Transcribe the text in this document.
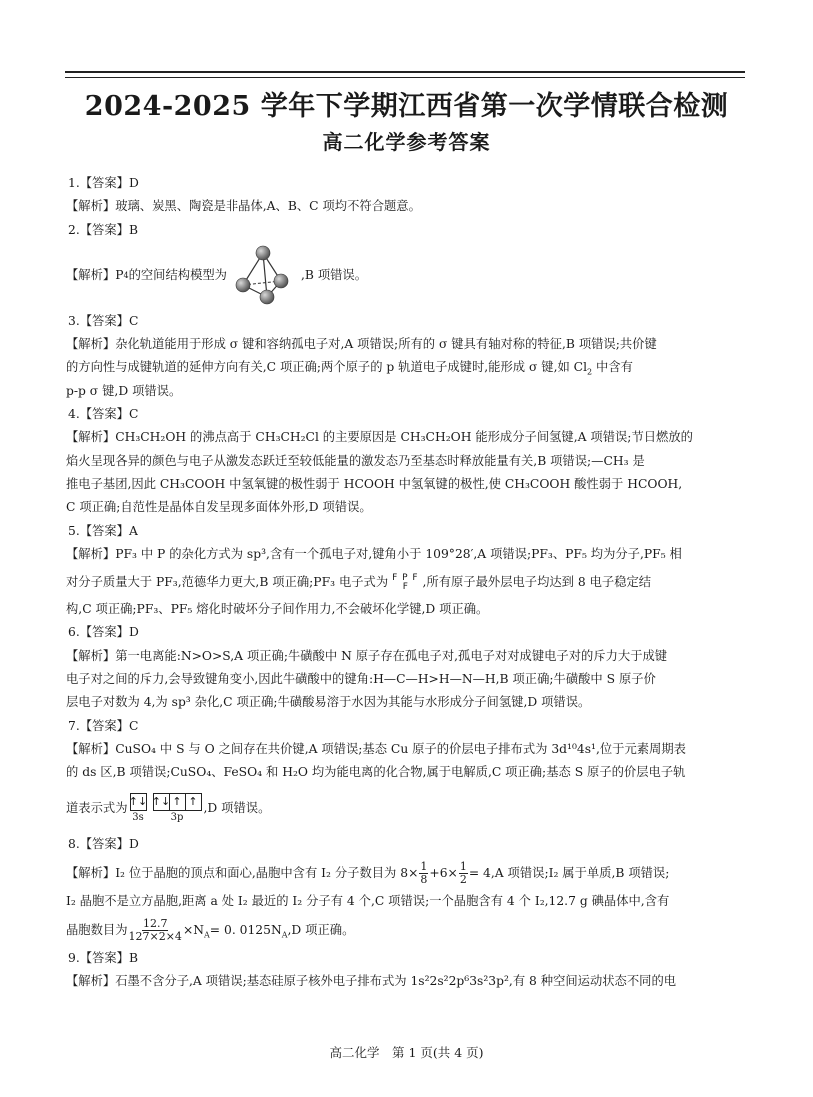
2024-2025 学年下学期江西省第一次学情联合检测
高二化学参考答案
1.【答案】D
【解析】玻璃、炭黑、陶瓷是非晶体,A、B、C 项均不符合题意。
2.【答案】B
【解析】 P 4 的空间结构模型为	,B 项错误。
3.【答案】C
【解析】杂化轨道能用于形成 σ 键和容纳孤电子对,A 项错误;所有的 σ 键具有轴对称的特征,B 项错误;共价键
的方向性与成键轨道的延伸方向有关,C 项正确;两个原子的 p 轨道电子成键时,能形成 σ 键,如 $Cl_2$ 中含有
p-p σ 键,D 项错误。
4.【答案】C
【解析】CH₃CH₂OH 的沸点高于 CH₃CH₂Cl 的主要原因是 CH₃CH₂OH 能形成分子间氢键,A 项错误;节日燃放的
焰火呈现各异的颜色与电子从激发态跃迁至较低能量的激发态乃至基态时释放能量有关,B 项错误;—CH₃ 是
推电子基团,因此 CH₃COOH 中氢氧键的极性弱于 HCOOH 中氢氧键的极性,使 CH₃COOH 酸性弱于 HCOOH,
C 项正确;自范性是晶体自发呈现多面体外形,D 项错误。
5.【答案】A
【解析】PF₃ 中 P 的杂化方式为 sp³,含有一个孤电子对,键角小于 109°28′,A 项错误;PF₃、PF₅ 均为分子,PF₅ 相
对分子质量大于 PF₃,范德华力更大,B 项正确;PF₃ 电子式为 F P F
F	,所有原子最外层电子均达到 8 电子稳定结
构,C 项正确;PF₃、PF₅ 熔化时破坏分子间作用力,不会破坏化学键,D 项正确。
6.【答案】D
【解析】第一电离能:N>O>S,A 项正确;牛磺酸中 N 原子存在孤电子对,孤电子对对成键电子对的斥力大于成键
电子对之间的斥力,会导致键角变小,因此牛磺酸中的键角:H—C—H>H—N—H,B 项正确;牛磺酸中 S 原子价
层电子对数为 4,为 sp³ 杂化,C 项正确;牛磺酸易溶于水因为其能与水形成分子间氢键,D 项错误。
7.【答案】C
【解析】CuSO₄ 中 S 与 O 之间存在共价键,A 项错误;基态 Cu 原子的价层电子排布式为 3d¹⁰4s¹,位于元素周期表
的 ds 区,B 项错误;CuSO₄、FeSO₄ 和 H₂O 均为能电离的化合物,属于电解质,C 项正确;基态 S 原子的价层电子轨
道表示式为 ↑↓
3s
↑↓ ↑ ↑
3p
,D 项错误。
8.【答案】D
【解析】I₂ 位于晶胞的顶点和面心,晶胞中含有 I₂ 分子数目为 $8\times \frac{1}{8} +6\times \frac{1}{2} = 4,A$ 项错误;I₂ 属于单质,B 项错误;
I₂ 晶胞不是立方晶胞,距离 a 处 I₂ 最近的 I₂ 分子有 4 个,C 项错误;一个晶胞含有 4 个 I₂,12.7 g 碘晶体中,含有
晶胞数目为 $\frac{12.7}{127\times 2\times 4} \times N_A= 0$. $0125N_A,D$ 项正确。
9.【答案】B
【解析】石墨不含分子,A 项错误;基态硅原子核外电子排布式为 1s²2s²2p⁶3s²3p²,有 8 种空间运动状态不同的电
高二化学　第 1 页(共 4 页)
